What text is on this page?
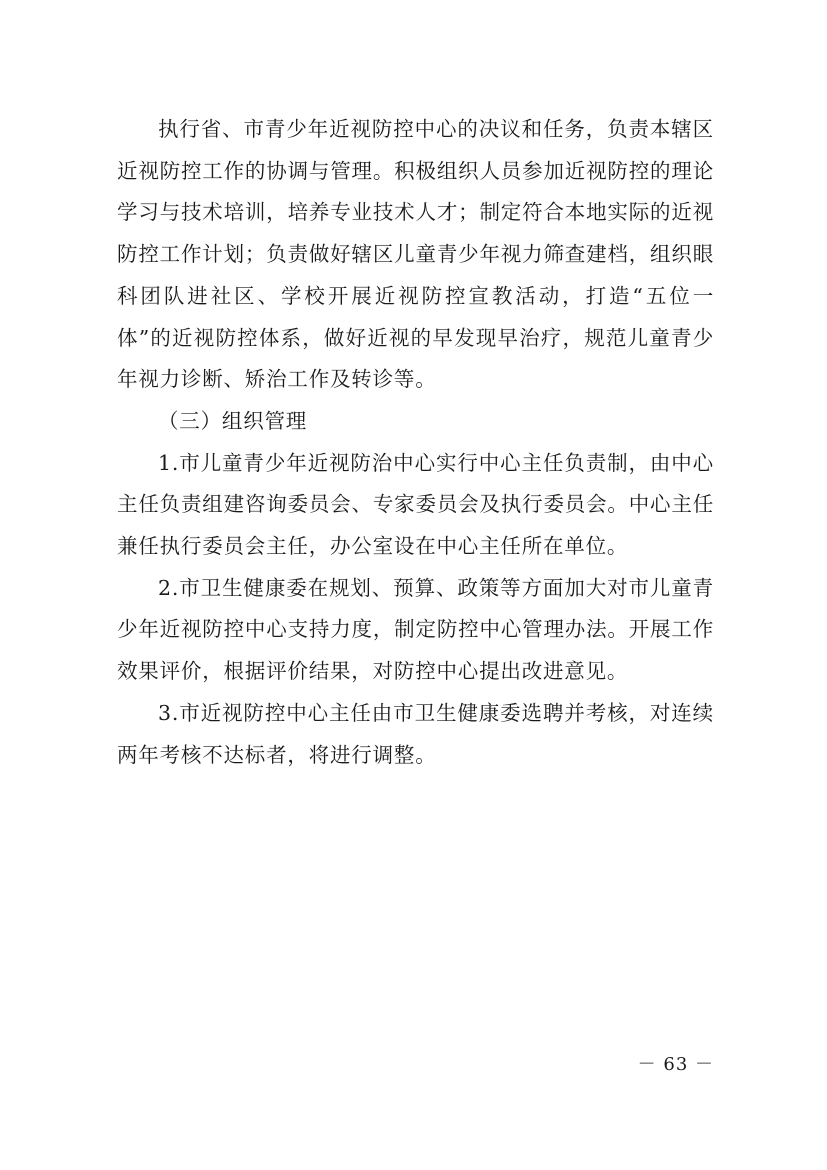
执行省、市青少年近视防控中心的决议和任务，负责本辖区近视防控工作的协调与管理。积极组织人员参加近视防控的理论学习与技术培训，培养专业技术人才；制定符合本地实际的近视防控工作计划；负责做好辖区儿童青少年视力筛查建档，组织眼科团队进社区、学校开展近视防控宣教活动，打造“五位一体”的近视防控体系，做好近视的早发现早治疗，规范儿童青少年视力诊断、矫治工作及转诊等。

（三）组织管理

1.市儿童青少年近视防治中心实行中心主任负责制，由中心主任负责组建咨询委员会、专家委员会及执行委员会。中心主任兼任执行委员会主任，办公室设在中心主任所在单位。

2.市卫生健康委在规划、预算、政策等方面加大对市儿童青少年近视防控中心支持力度，制定防控中心管理办法。开展工作效果评价，根据评价结果，对防控中心提出改进意见。

3.市近视防控中心主任由市卫生健康委选聘并考核，对连续两年考核不达标者，将进行调整。

－ 63 －
